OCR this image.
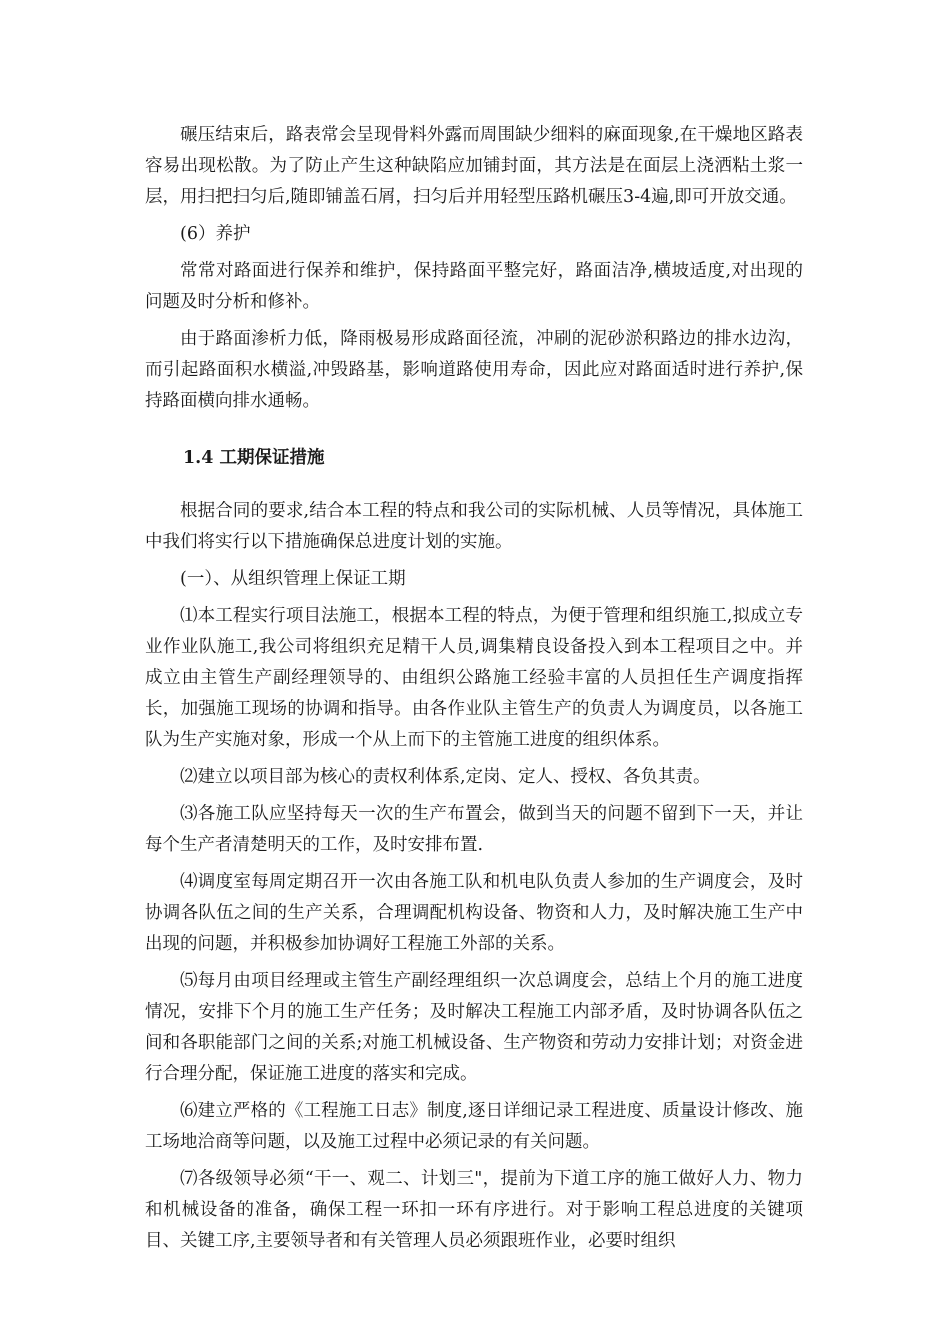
碾压结束后，路表常会呈现骨料外露而周围缺少细料的麻面现象,在干燥地区路表容易出现松散。为了防止产生这种缺陷应加铺封面，其方法是在面层上浇洒粘土浆一层，用扫把扫匀后,随即铺盖石屑，扫匀后并用轻型压路机碾压3-4遍,即可开放交通。

(6）养护

常常对路面进行保养和维护，保持路面平整完好，路面洁净,横坡适度,对出现的问题及时分析和修补。

由于路面渗析力低，降雨极易形成路面径流，冲刷的泥砂淤积路边的排水边沟，而引起路面积水横溢,冲毁路基，影响道路使用寿命，因此应对路面适时进行养护,保持路面横向排水通畅。

1.4 工期保证措施

根据合同的要求,结合本工程的特点和我公司的实际机械、人员等情况，具体施工中我们将实行以下措施确保总进度计划的实施。

(一）、从组织管理上保证工期

⑴本工程实行项目法施工，根据本工程的特点，为便于管理和组织施工,拟成立专业作业队施工,我公司将组织充足精干人员,调集精良设备投入到本工程项目之中。并成立由主管生产副经理领导的、由组织公路施工经验丰富的人员担任生产调度指挥长，加强施工现场的协调和指导。由各作业队主管生产的负责人为调度员，以各施工队为生产实施对象，形成一个从上而下的主管施工进度的组织体系。

⑵建立以项目部为核心的责权利体系,定岗、定人、授权、各负其责。

⑶各施工队应坚持每天一次的生产布置会，做到当天的问题不留到下一天，并让每个生产者清楚明天的工作，及时安排布置.

⑷调度室每周定期召开一次由各施工队和机电队负责人参加的生产调度会，及时协调各队伍之间的生产关系，合理调配机构设备、物资和人力，及时解决施工生产中出现的问题，并积极参加协调好工程施工外部的关系。

⑸每月由项目经理或主管生产副经理组织一次总调度会，总结上个月的施工进度情况，安排下个月的施工生产任务；及时解决工程施工内部矛盾，及时协调各队伍之间和各职能部门之间的关系;对施工机械设备、生产物资和劳动力安排计划；对资金进行合理分配，保证施工进度的落实和完成。

⑹建立严格的《工程施工日志》制度,逐日详细记录工程进度、质量设计修改、施工场地洽商等问题，以及施工过程中必须记录的有关问题。

⑺各级领导必须“干一、观二、计划三"，提前为下道工序的施工做好人力、物力和机械设备的准备，确保工程一环扣一环有序进行。对于影响工程总进度的关键项目、关键工序,主要领导者和有关管理人员必须跟班作业，必要时组织
